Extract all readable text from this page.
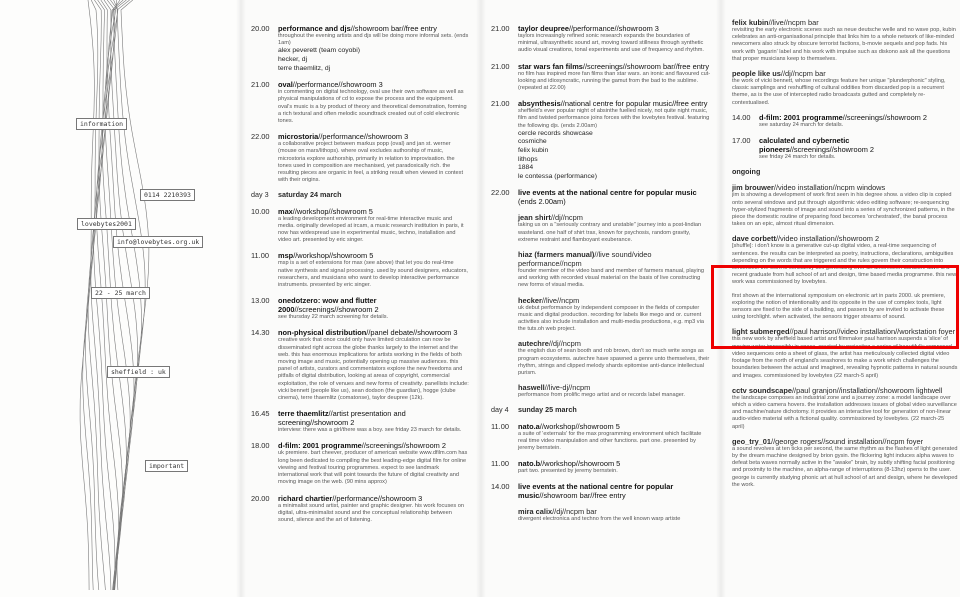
information
0114 2210393
lovebytes2001
info@lovebytes.org.uk
22 - 25 march
sheffield : uk
important
20.00	performance and djs//showroom bar//free entry
throughout the evening artists and djs will be doing more informal sets. (ends 1am)
alex peverett (team coyobi)
hecker, dj
terre thaemlitz, dj
21.00	oval//performance//showroom 3
in commenting on digital technology, oval use their own software as well as physical manipulations of cd to expose the process and the equipment. oval's music is a by product of theory and theoretical demonstration, forming a rich textural and often melodic soundtrack created out of cold electronic tones.
22.00	microstoria//performance//showroom 3
a collaborative project between markus popp (oval) and jan st. werner (mouse on mars/lithops). where oval excludes authorship of music, microstoria explore authorship, primarily in relation to improvisation. the tones used in composition are mechanised, yet paradoxically rich. the resulting pieces are organic in feel, a striking result when viewed in context with their origins.
day 3	saturday 24 march
10.00	max//workshop//showroom 5
a leading development environment for real-time interactive music and media. originally developed at ircam, a music research institution in paris, it now has widespread use in experimental music, techno, installation and video art. presented by eric singer.
11.00	msp//workshop//showroom 5
msp is a set of extensions for max (see above) that let you do real-time native synthesis and signal processing. used by sound designers, educators, researchers, and musicians who want to develop interactive performance instruments. presented by eric singer.
13.00	onedotzero: wow and flutter 2000//screenings//showroom 2
see thursday 22 march screening for details.
14.30	non-physical distribution//panel debate//showroom 3
creative work that once could only have limited circulation can now be disseminated right across the globe thanks largely to the internet and the web. this has enormous implications for artists working in the fields of both moving image and music, potentially opening up massive audiences. this panel of artists, curators and commentators explore the new freedoms and pitfalls of digital distribution, looking at areas of copyright, commercial exploitation, the role of venues and new forms of creativity. panellists include: vicki bennett (people like us), sean dodson (the guardian), hogge (clube cinema), terre thaemlitz (comatonse), taylor deupree (12k).
16.45	terre thaemlitz//artist presentation and screening//showroom 2
interview: there was a girl/there was a boy. see friday 23 march for details.
18.00	d-film: 2001 programme//screenings//showroom 2
uk premiere. bart cheever, producer of american website www.dfilm.com has long been dedicated to compiling the best leading-edge digital film for online viewing and festival touring programmes. expect to see landmark international work that will point towards the future of digital creativity and moving image on the web. (90 mins approx)
20.00	richard chartier//performance//showroom 3
a minimalist sound artist, painter and graphic designer. his work focuses on digital, ultra-minimalist sound and the conceptual relationship between sound, silence and the art of listening.
21.00	taylor deupree//performance//showroom 3
taylors increasingly refined sonic research expands the boundaries of minimal, ultrasynthetic sound art, moving toward stillness through synthetic audio visual creations, tonal experiments and use of frequency and rhythm.
21.00	star wars fan films//screenings//showroom bar//free entry
no film has inspired more fan films than star wars. an ironic and flavoured cut-looking and idiosyncratic, running the gamut from the bad to the sublime. (repeated at 22.00)
21.00	absynthesis//national centre for popular music//free entry
sheffield's ever popular night of absinthe fuelled nicely, not quite night music, film and twisted performance joins forces with the lovebytes festival. featuring the following djs. (ends 2.00am)
cercle records showcase
cosmiche
felix kubin
lithops
1884
le contessa (performance)
22.00	live events at the national centre for popular music (ends 2.00am)
jean shirt//dj//ncpm
taking us on a "seriously contrary and unstable" journey into a post-lindian wasteland. one half of shirt trax, known for psychosis, random gravity, extreme restraint and flamboyant exuberance.
hiaz (farmers manual)//live sound/video performance//ncpm
founder member of the video band and member of farmers manual, playing and working with recorded visual material on the basis of live constructing new forms of visual media.
hecker//live//ncpm
uk debut performance by independent composer in the fields of computer music and digital production. recording for labels like mego and or. current activities also include installation and multi-media productions, e.g. mp3 via the tuts.oh web project.
autechre//dj//ncpm
the english duo of sean booth and rob brown, don't so much write songs as program ecosystems. autechre have spawned a genre unto themselves, their rhythm, strings and clipped melody shards epitomise anti-dance intellectual purism.
haswell//live-dj//ncpm
performance from prolific mego artist and or records label manager.
day 4	sunday 25 march
11.00	nato.a//workshop//showroom 5
a suite of 'externals' for the max programming environment which facilitate real time video manipulation and other functions. part one. presented by jeremy bernstein.
11.00	nato.b//workshop//showroom 5
part two. presented by jeremy bernstein.
14.00	live events at the national centre for popular music//showroom bar//free entry
mira calix//dj//ncpm bar
divergent electronica and techno from the well known warp artiste
felix kubin//live//ncpm bar
revisiting the early electronic scenes such as neue deutsche welle and no wave pop, kubin celebrates an anti-organisational principle that links him to a whole network of like-minded newcomers also struck by obscure terrorist factions, b-movie sequels and pop fads. his work with 'gagarin' label and his work with impulse such as diskono ask all the questions that proper musicians keep to themselves.
people like us//dj//ncpm bar
the work of vicki bennett, whose recordings feature her unique "plunderphonic" styling, classic samplings and reshuffling of cultural oddities from discarded pop is a recurrent theme, as is the use of intercepted radio broadcasts gutted and completely re-contextualised.
14.00	d-film: 2001 programme//screenings//showroom 2
see saturday 24 march for details.
17.00	calculated and cybernetic pioneers//screenings//showroom 2
see friday 24 march for details.
ongoing
jim brouwer//video installation//ncpm windows
jim is showing a development of work first seen in his degree show. a video clip is copied onto several windows and put through algorithmic video editing software; re-sequencing hyper-stylized fragments of image and sound into a series of synchronized patterns, in the piece the domestic routine of preparing food becomes 'orchestrated', the banal process takes on an epic, almost ritual dimension.
dave corbett//video installation//showroom 2
[shuffle]: i don't know is a generative cut-up digital video, a real-time sequencing of sentences. the results can be interpreted as poetry, instructions, declarations, ambiguities depending on the words that are triggered and the rules govern their construction into sentences. the work is constantly self generating over an unforeseen duration. dave is a recent graduate from hull school of art and design, time based media programme. this new work was commissioned by lovebytes.
first shown at the international symposium on electronic art in paris 2000. uk premiere, exploring the notion of intentionality and its opposite in the use of complex tools, light sensors are fixed to the side of a building, and passers by are invited to activate these using torchlight. when activated, the sensors trigger streams of sound.
light submerged//paul harrison//video installation//workstation foyer
this new work by sheffield based artist and filmmaker paul harrison suspends a 'slice' of moving water impossibly in space, created by projecting a series of beautifully composed video sequences onto a sheet of glass, the artist has meticulously collected digital video footage from the north of england's seashores to make a work which challenges the boundaries between the actual and imagined, revealing hypnotic patterns in natural sounds and images. commissioned by lovebytes (22 march-5 april)
cctv soundscape//paul granjon//installation//showroom lightwell
the landscape composes an industrial zone and a journey zone: a model landscape over which a video camera hovers. the installation addresses issues of global video surveillance and machine/nature dichotomy. it provides an interactive tool for generation of non-linear audio-video material with a fictional quality. commissioned by lovebytes. (22 march-25 april)
geo_try_01//george rogers//sound installation//ncpm foyer
a sound revolves at ten ticks per second, the same rhythm as the flashes of light generated by the dream machine designed by brion gysin. the flickering light induces alpha waves to defeat beta waves normally active in the "awake" brain, by subtly shifting facial positioning and proximity to the machine, an alpha-range of interruptions (8-13hz) opens to the user. george is currently studying phonic art at hull school of art and design, where he developed the work.
